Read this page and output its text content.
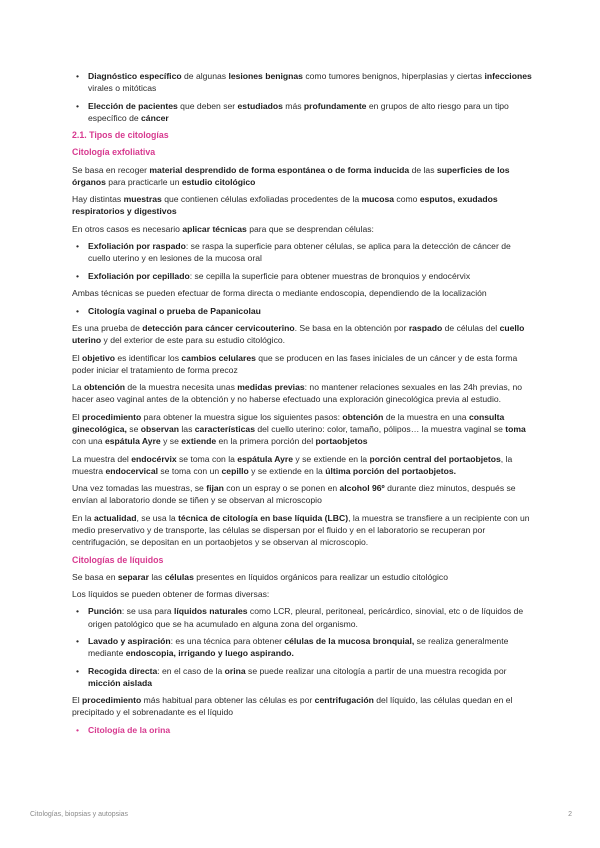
• Diagnóstico específico de algunas lesiones benignas como tumores benignos, hiperplasias y ciertas infecciones virales o mitóticas
• Elección de pacientes que deben ser estudiados más profundamente en grupos de alto riesgo para un tipo específico de cáncer
2.1. Tipos de citologías
Citología exfoliativa
Se basa en recoger material desprendido de forma espontánea o de forma inducida de las superficies de los órganos para practicarle un estudio citológico
Hay distintas muestras que contienen células exfoliadas procedentes de la mucosa como esputos, exudados respiratorios y digestivos
En otros casos es necesario aplicar técnicas para que se desprendan células:
• Exfoliación por raspado: se raspa la superficie para obtener células, se aplica para la detección de cáncer de cuello uterino y en lesiones de la mucosa oral
• Exfoliación por cepillado: se cepilla la superficie para obtener muestras de bronquios y endocérvix
Ambas técnicas se pueden efectuar de forma directa o mediante endoscopia, dependiendo de la localización
• Citología vaginal o prueba de Papanicolau
Es una prueba de detección para cáncer cervicouterino. Se basa en la obtención por raspado de células del cuello uterino y del exterior de este para su estudio citológico.
El objetivo es identificar los cambios celulares que se producen en las fases iniciales de un cáncer y de esta forma poder iniciar el tratamiento de forma precoz
La obtención de la muestra necesita unas medidas previas: no mantener relaciones sexuales en las 24h previas, no hacer aseo vaginal antes de la obtención y no haberse efectuado una exploración ginecológica previa al estudio.
El procedimiento para obtener la muestra sigue los siguientes pasos: obtención de la muestra en una consulta ginecológica, se observan las características del cuello uterino: color, tamaño, pólipos… la muestra vaginal se toma con una espátula Ayre y se extiende en la primera porción del portaobjetos
La muestra del endocérvix se toma con la espátula Ayre y se extiende en la porción central del portaobjetos, la muestra endocervical se toma con un cepillo y se extiende en la última porción del portaobjetos.
Una vez tomadas las muestras, se fijan con un espray o se ponen en alcohol 96º durante diez minutos, después se envían al laboratorio donde se tiñen y se observan al microscopio
En la actualidad, se usa la técnica de citología en base líquida (LBC), la muestra se transfiere a un recipiente con un medio preservativo y de transporte, las células se dispersan por el fluido y en el laboratorio se recuperan por centrifugación, se depositan en un portaobjetos y se observan al microscopio.
Citologías de líquidos
Se basa en separar las células presentes en líquidos orgánicos para realizar un estudio citológico
Los líquidos se pueden obtener de formas diversas:
• Punción: se usa para líquidos naturales como LCR, pleural, peritoneal, pericárdico, sinovial, etc o de líquidos de origen patológico que se ha acumulado en alguna zona del organismo.
• Lavado y aspiración: es una técnica para obtener células de la mucosa bronquial, se realiza generalmente mediante endoscopia, irrigando y luego aspirando.
• Recogida directa: en el caso de la orina se puede realizar una citología a partir de una muestra recogida por micción aislada
El procedimiento más habitual para obtener las células es por centrifugación del líquido, las células quedan en el precipitado y el sobrenadante es el líquido
• Citología de la orina
Citologías, biopsias y autopsias	2
